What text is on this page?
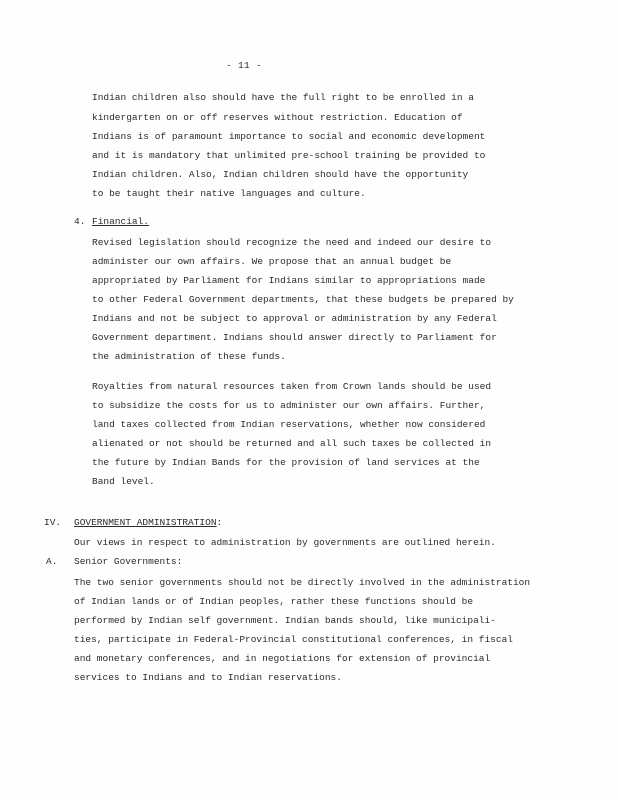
- 11 -
Indian children also should have the full right to be enrolled in a
kindergarten on or off reserves without restriction. Education of
Indians is of paramount importance to social and economic development
and it is mandatory that unlimited pre-school training be provided to
Indian children. Also, Indian children should have the opportunity
to be taught their native languages and culture.
4. Financial.
Revised legislation should recognize the need and indeed our desire to
administer our own affairs. We propose that an annual budget be
appropriated by Parliament for Indians similar to appropriations made
to other Federal Government departments, that these budgets be prepared by
Indians and not be subject to approval or administration by any Federal
Government department. Indians should answer directly to Parliament for
the administration of these funds.
Royalties from natural resources taken from Crown lands should be used
to subsidize the costs for us to administer our own affairs. Further,
land taxes collected from Indian reservations, whether now considered
alienated or not should be returned and all such taxes be collected in
the future by Indian Bands for the provision of land services at the
Band level.
IV. GOVERNMENT ADMINISTRATION:
Our views in respect to administration by governments are outlined herein.
A. Senior Governments:
The two senior governments should not be directly involved in the administration
of Indian lands or of Indian peoples, rather these functions should be
performed by Indian self government. Indian bands should, like municipali-
ties, participate in Federal-Provincial constitutional conferences, in fiscal
and monetary conferences, and in negotiations for extension of provincial
services to Indians and to Indian reservations.
